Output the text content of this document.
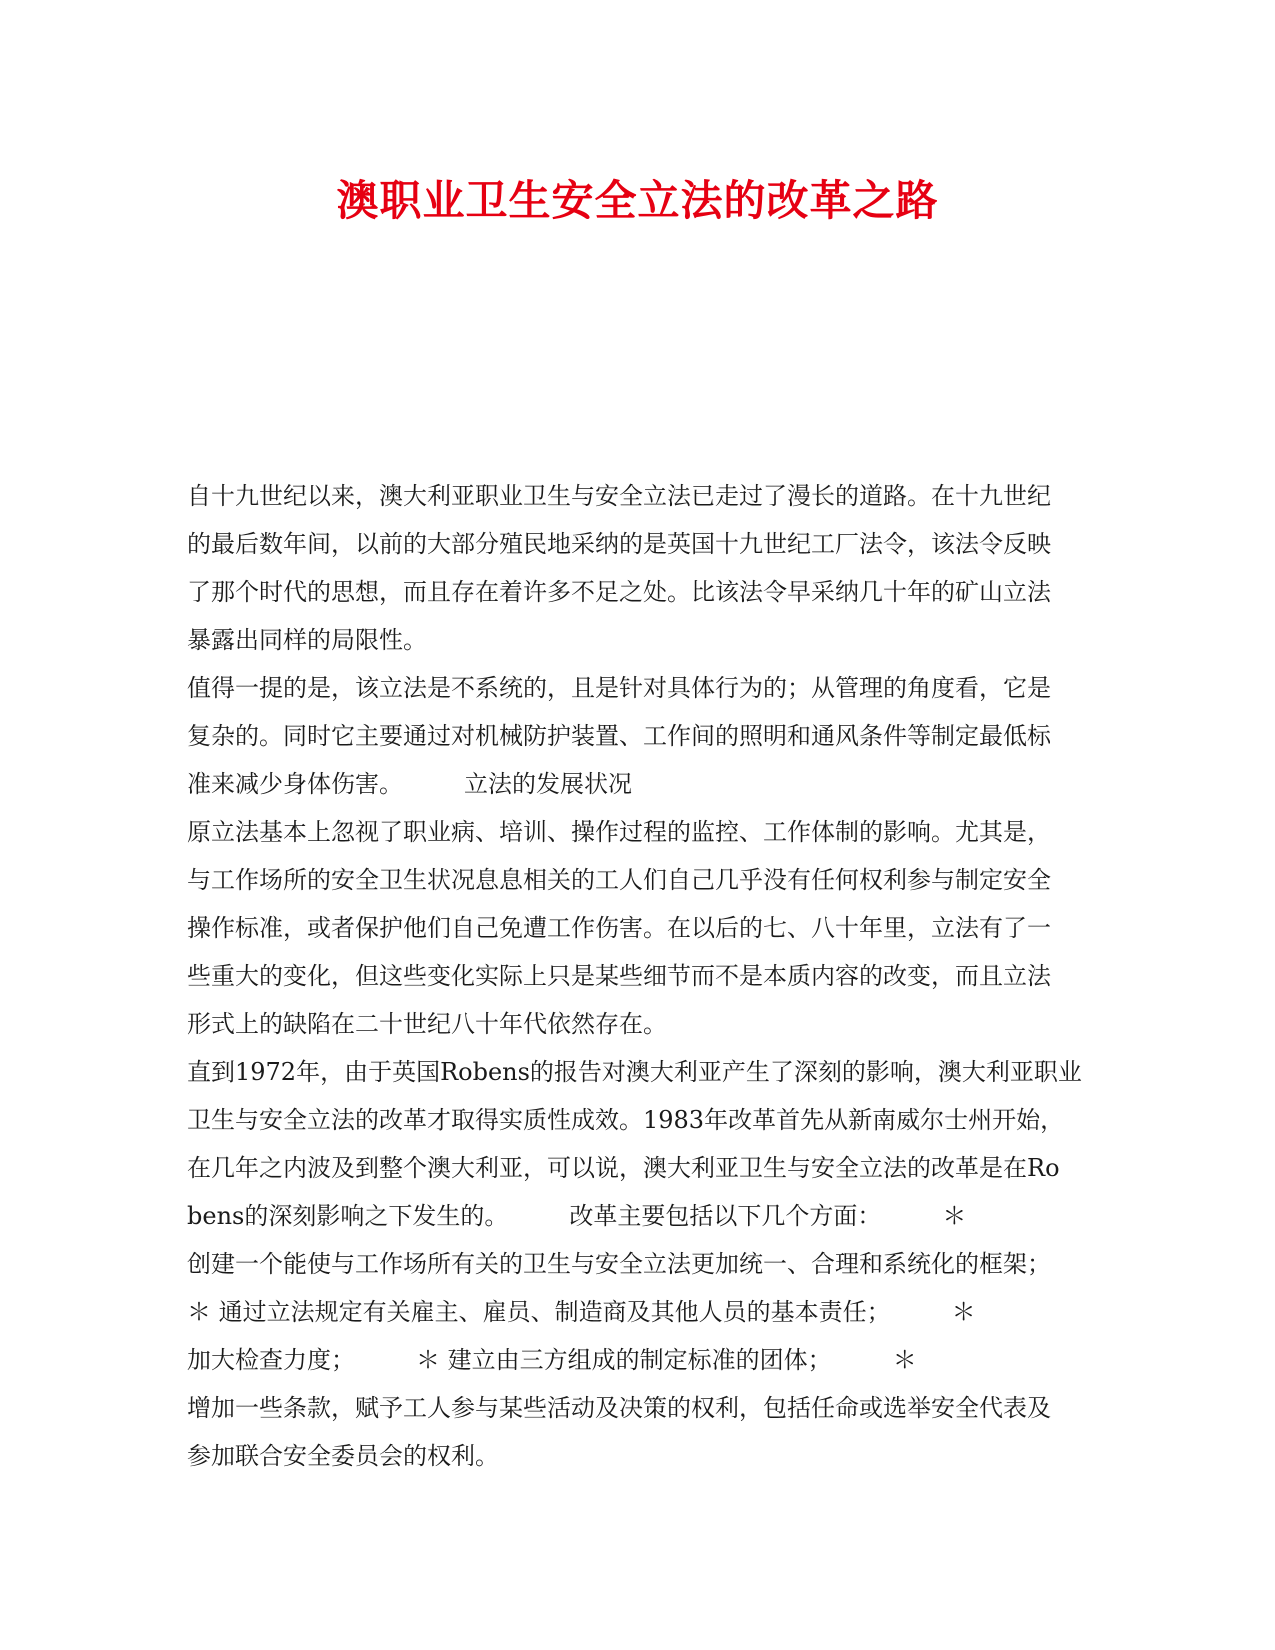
澳职业卫生安全立法的改革之路
自十九世纪以来，澳大利亚职业卫生与安全立法已走过了漫长的道路。在十九世纪
的最后数年间，以前的大部分殖民地采纳的是英国十九世纪工厂法令，该法令反映
了那个时代的思想，而且存在着许多不足之处。比该法令早采纳几十年的矿山立法
暴露出同样的局限性。
值得一提的是，该立法是不系统的，且是针对具体行为的；从管理的角度看，它是
复杂的。同时它主要通过对机械防护装置、工作间的照明和通风条件等制定最低标
准来减少身体伤害。        立法的发展状况
原立法基本上忽视了职业病、培训、操作过程的监控、工作体制的影响。尤其是，
与工作场所的安全卫生状况息息相关的工人们自己几乎没有任何权利参与制定安全
操作标准，或者保护他们自己免遭工作伤害。在以后的七、八十年里，立法有了一
些重大的变化，但这些变化实际上只是某些细节而不是本质内容的改变，而且立法
形式上的缺陷在二十世纪八十年代依然存在。
直到1972年，由于英国Robens的报告对澳大利亚产生了深刻的影响，澳大利亚职业
卫生与安全立法的改革才取得实质性成效。1983年改革首先从新南威尔士州开始，
在几年之内波及到整个澳大利亚，可以说，澳大利亚卫生与安全立法的改革是在Ro
bens的深刻影响之下发生的。        改革主要包括以下几个方面：        ＊
创建一个能使与工作场所有关的卫生与安全立法更加统一、合理和系统化的框架；
＊ 通过立法规定有关雇主、雇员、制造商及其他人员的基本责任；        ＊
加大检查力度；        ＊ 建立由三方组成的制定标准的团体；        ＊
增加一些条款，赋予工人参与某些活动及决策的权利，包括任命或选举安全代表及
参加联合安全委员会的权利。
